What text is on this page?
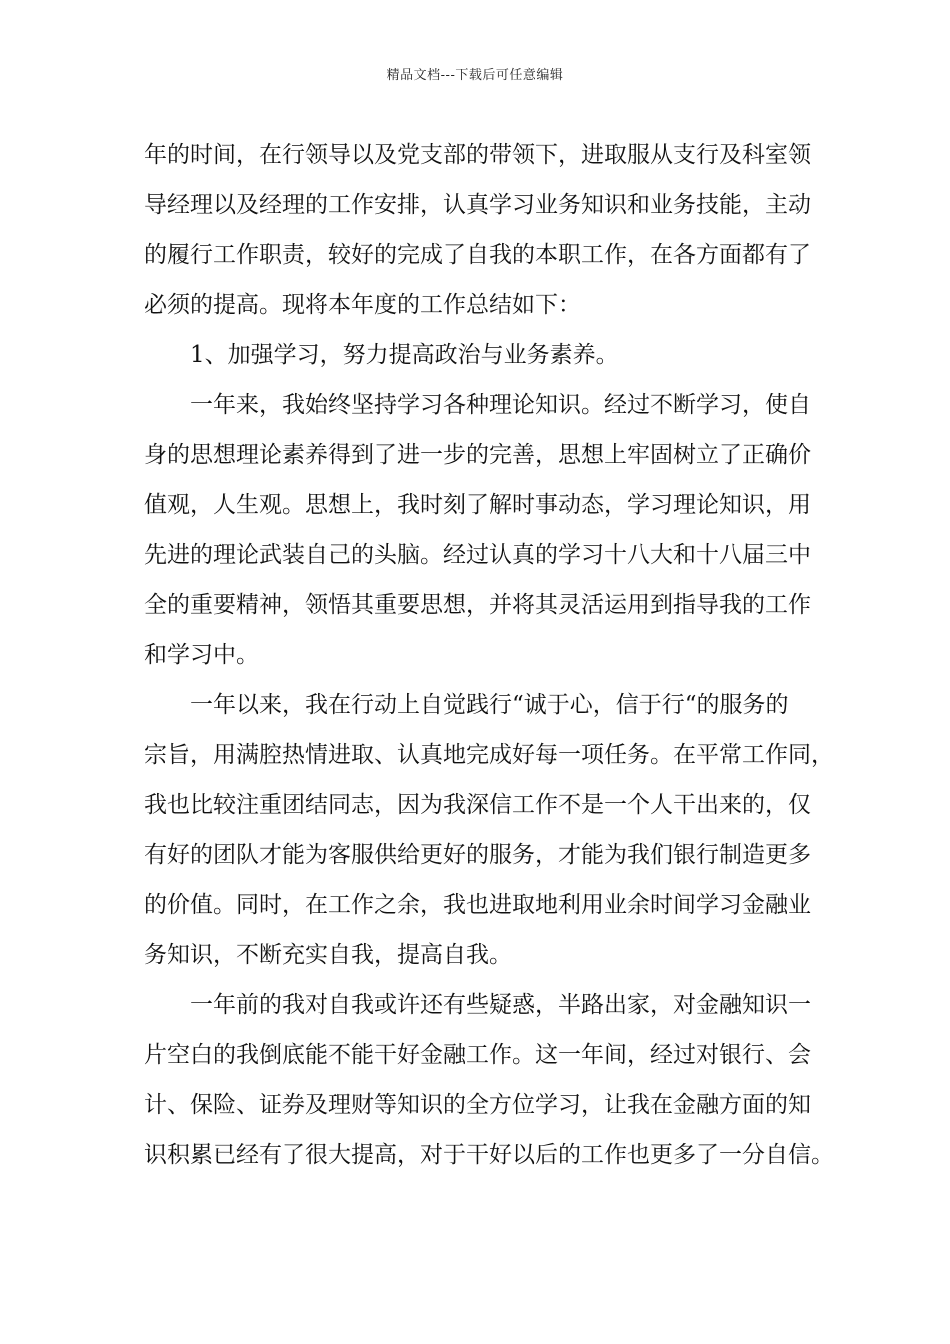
精品文档---下载后可任意编辑
年的时间，在行领导以及党支部的带领下，进取服从支行及科室领
导经理以及经理的工作安排，认真学习业务知识和业务技能，主动
的履行工作职责，较好的完成了自我的本职工作，在各方面都有了
必须的提高。现将本年度的工作总结如下：
1、加强学习，努力提高政治与业务素养。
一年来，我始终坚持学习各种理论知识。经过不断学习，使自
身的思想理论素养得到了进一步的完善，思想上牢固树立了正确价
值观，人生观。思想上，我时刻了解时事动态，学习理论知识，用
先进的理论武装自己的头脑。经过认真的学习十八大和十八届三中
全的重要精神，领悟其重要思想，并将其灵活运用到指导我的工作
和学习中。
一年以来，我在行动上自觉践行“诚于心，信于行“的服务的
宗旨，用满腔热情进取、认真地完成好每一项任务。在平常工作同，
我也比较注重团结同志，因为我深信工作不是一个人干出来的，仅
有好的团队才能为客服供给更好的服务，才能为我们银行制造更多
的价值。同时，在工作之余，我也进取地利用业余时间学习金融业
务知识，不断充实自我，提高自我。
一年前的我对自我或许还有些疑惑，半路出家，对金融知识一
片空白的我倒底能不能干好金融工作。这一年间，经过对银行、会
计、保险、证券及理财等知识的全方位学习，让我在金融方面的知
识积累已经有了很大提高，对于干好以后的工作也更多了一分自信。
